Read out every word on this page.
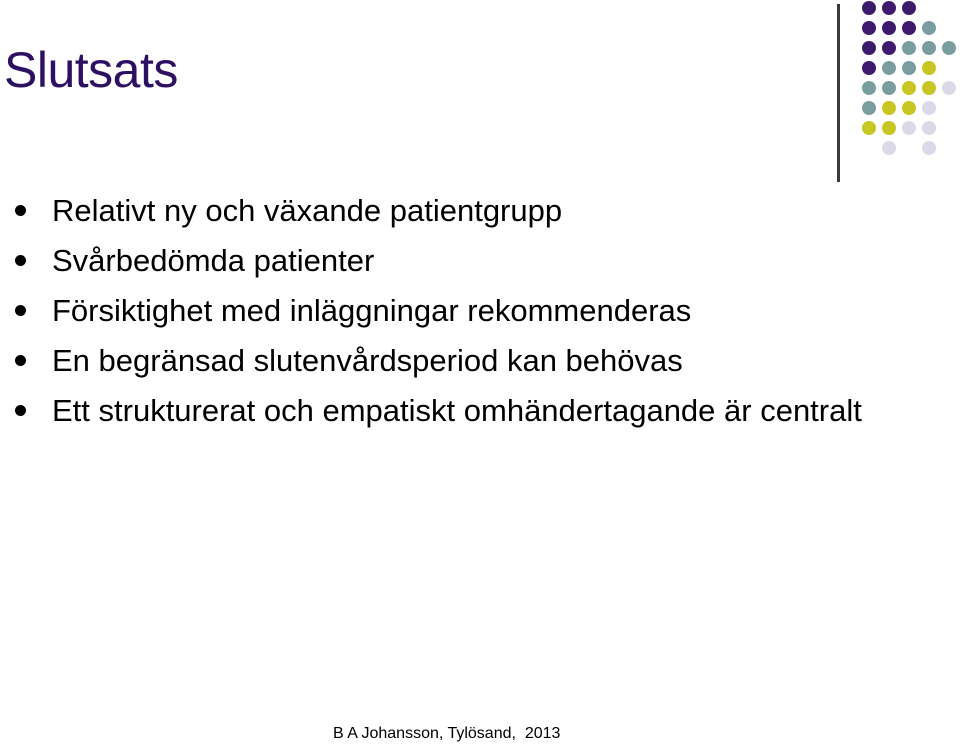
Slutsats
Relativt ny och växande patientgrupp
Svårbedömda patienter
Försiktighet med inläggningar rekommenderas
En begränsad slutenvårdsperiod kan behövas
Ett strukturerat och empatiskt omhändertagande är centralt
B A Johansson, Tylösand,  2013
